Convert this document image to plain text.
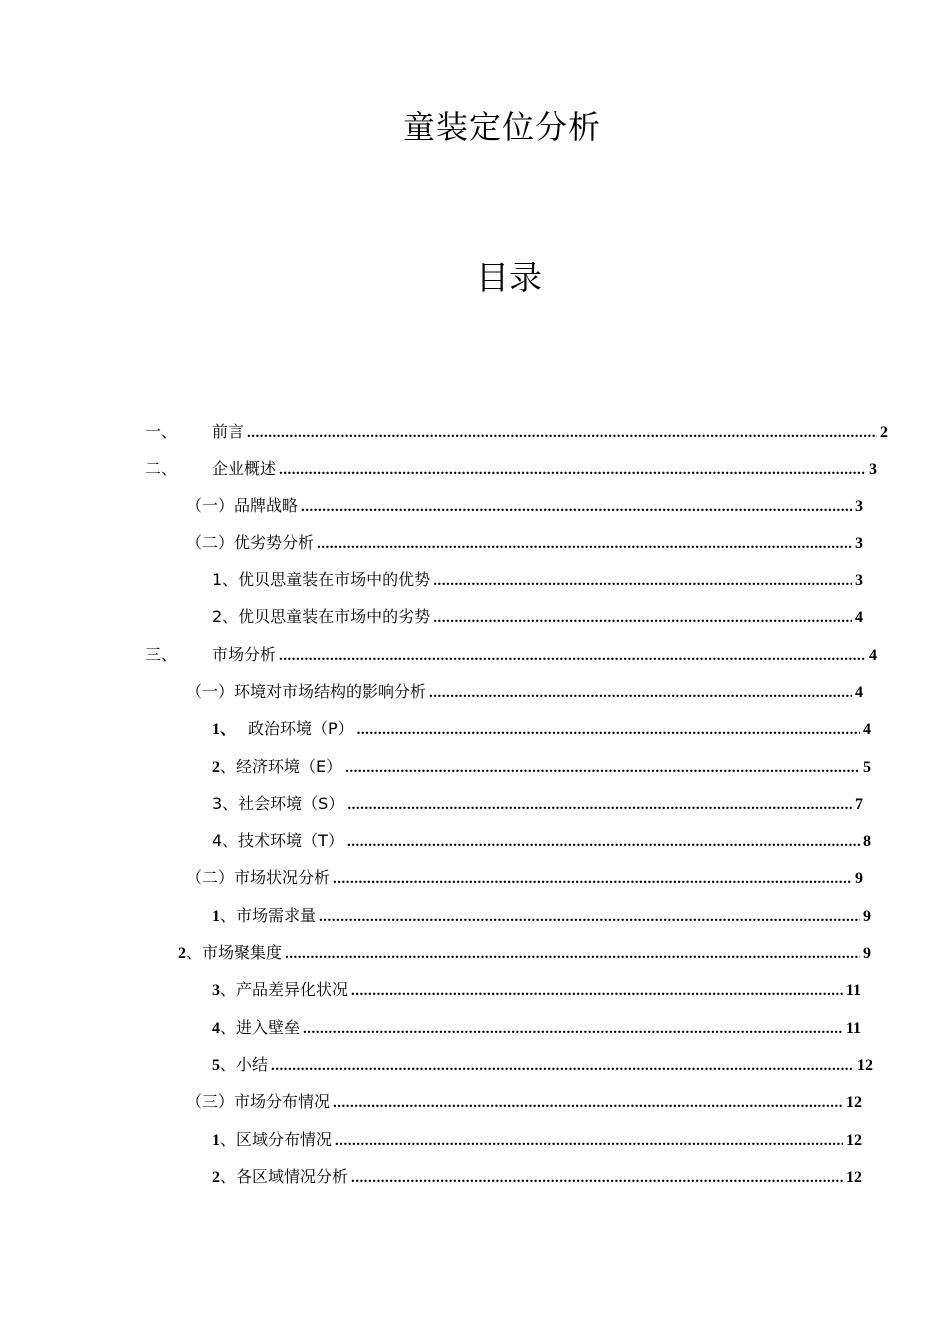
童装定位分析
目录
一、	前言 .....	2
二、	企业概述 .....	3
（一）品牌战略 .....	3
（二）优劣势分析 .....	3
1、优贝思童装在市场中的优势 .....	3
2、优贝思童装在市场中的劣势 .....	4
三、	市场分析 .....	4
（一）环境对市场结构的影响分析 .....	4
1、 政治环境（P） .....	4
2 、经济环境（E） .....	5
3、社会环境（S） .....	7
4、技术环境（T） .....	8
（二）市场状况分析 .....	9
1 、市场需求量 .....	9
2 、市场聚集度 .....	9
3 、产品差异化状况 .....	11
4 、进入壁垒 .....	11
5 、小结 .....	12
（三）市场分布情况 .....	12
1 、区域分布情况 .....	12
2 、各区域情况分析 .....	12
